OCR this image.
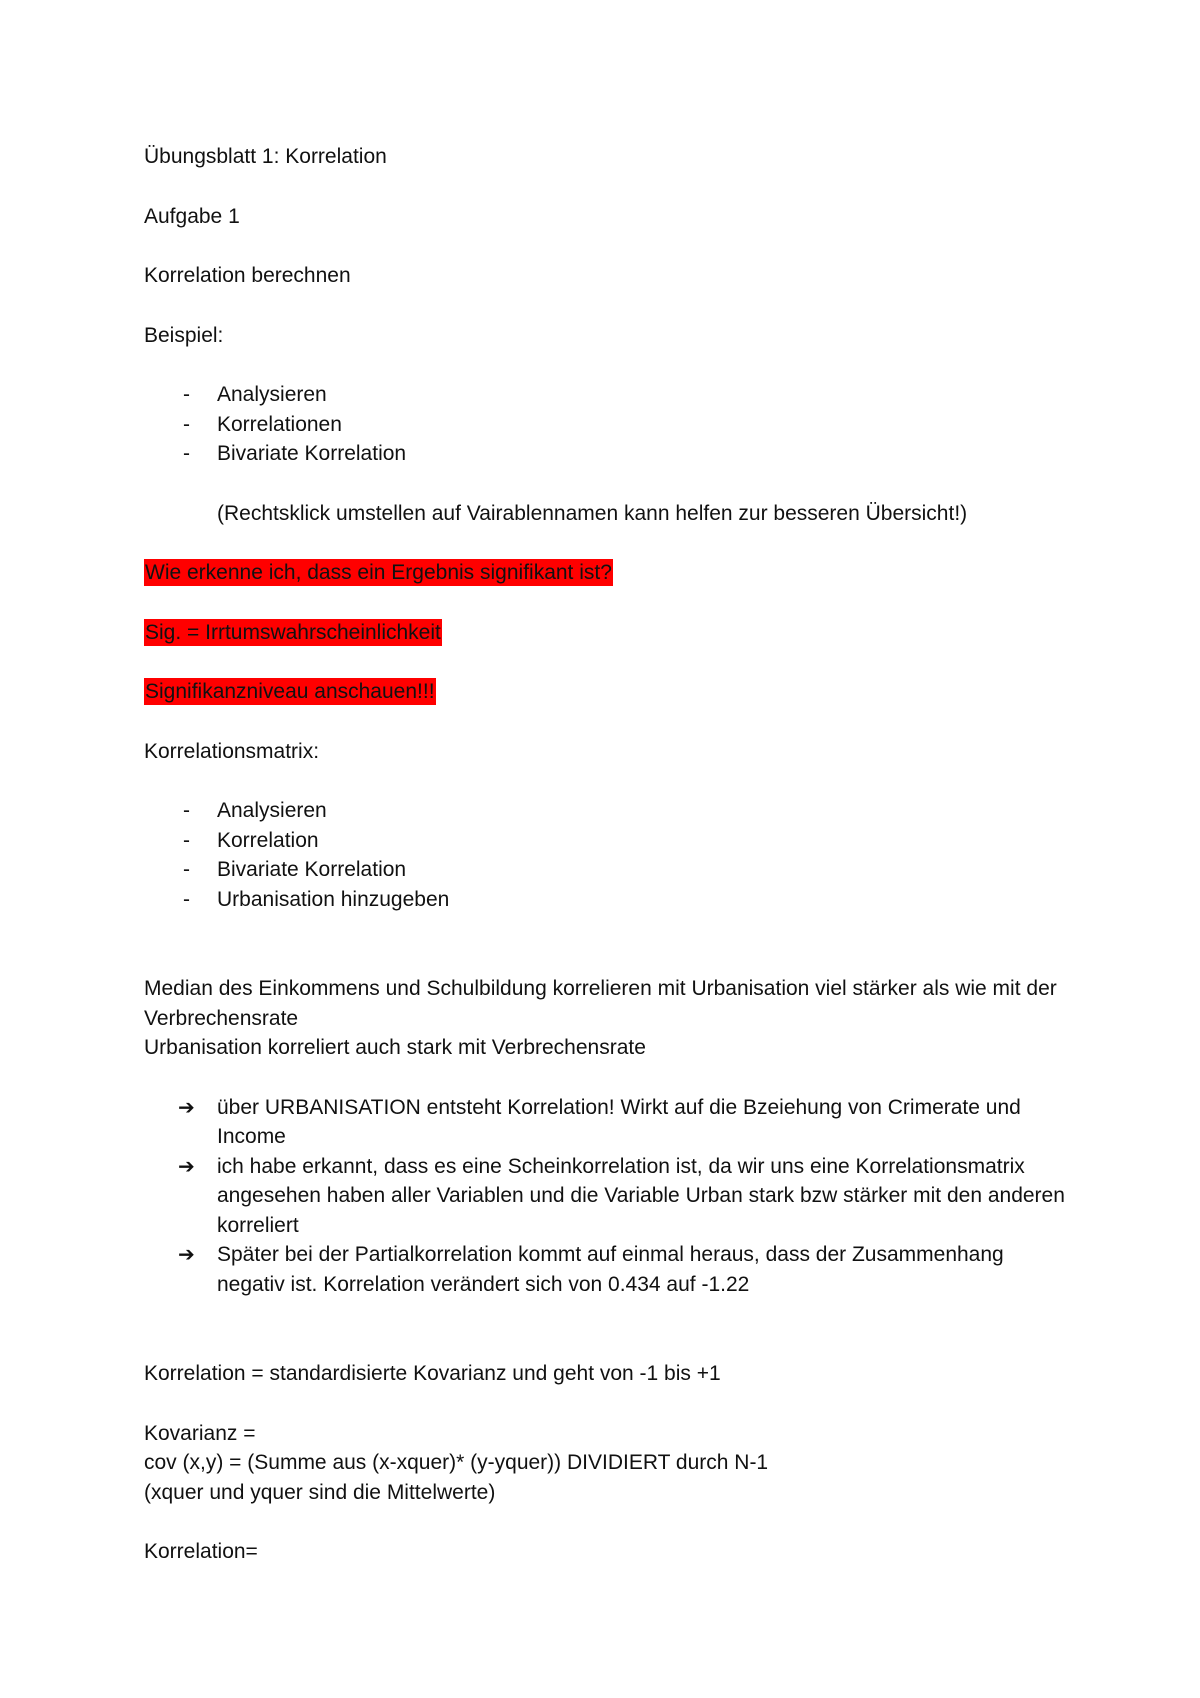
Übungsblatt 1: Korrelation

Aufgabe 1

Korrelation berechnen

Beispiel:

- Analysieren
- Korrelationen
- Bivariate Korrelation

(Rechtsklick umstellen auf Vairablennamen kann helfen zur besseren Übersicht!)

Wie erkenne ich, dass ein Ergebnis signifikant ist?

Sig. = Irrtumswahrscheinlichkeit

Signifikanzniveau anschauen!!!

Korrelationsmatrix:

- Analysieren
- Korrelation
- Bivariate Korrelation
- Urbanisation hinzugeben

Median des Einkommens und Schulbildung korrelieren mit Urbanisation viel stärker als wie mit der Verbrechensrate

Urbanisation korreliert auch stark mit Verbrechensrate

➔ über URBANISATION entsteht Korrelation! Wirkt auf die Bzeiehung von Crimerate und Income
➔ ich habe erkannt, dass es eine Scheinkorrelation ist, da wir uns eine Korrelationsmatrix angesehen haben aller Variablen und die Variable Urban stark bzw stärker mit den anderen korreliert
➔ Später bei der Partialkorrelation kommt auf einmal heraus, dass der Zusammenhang negativ ist. Korrelation verändert sich von 0.434 auf -1.22

Korrelation = standardisierte Kovarianz und geht von -1 bis +1

Kovarianz =

cov (x,y) = (Summe aus (x-xquer)* (y-yquer)) DIVIDIERT durch N-1

(xquer und yquer sind die Mittelwerte)

Korrelation=
